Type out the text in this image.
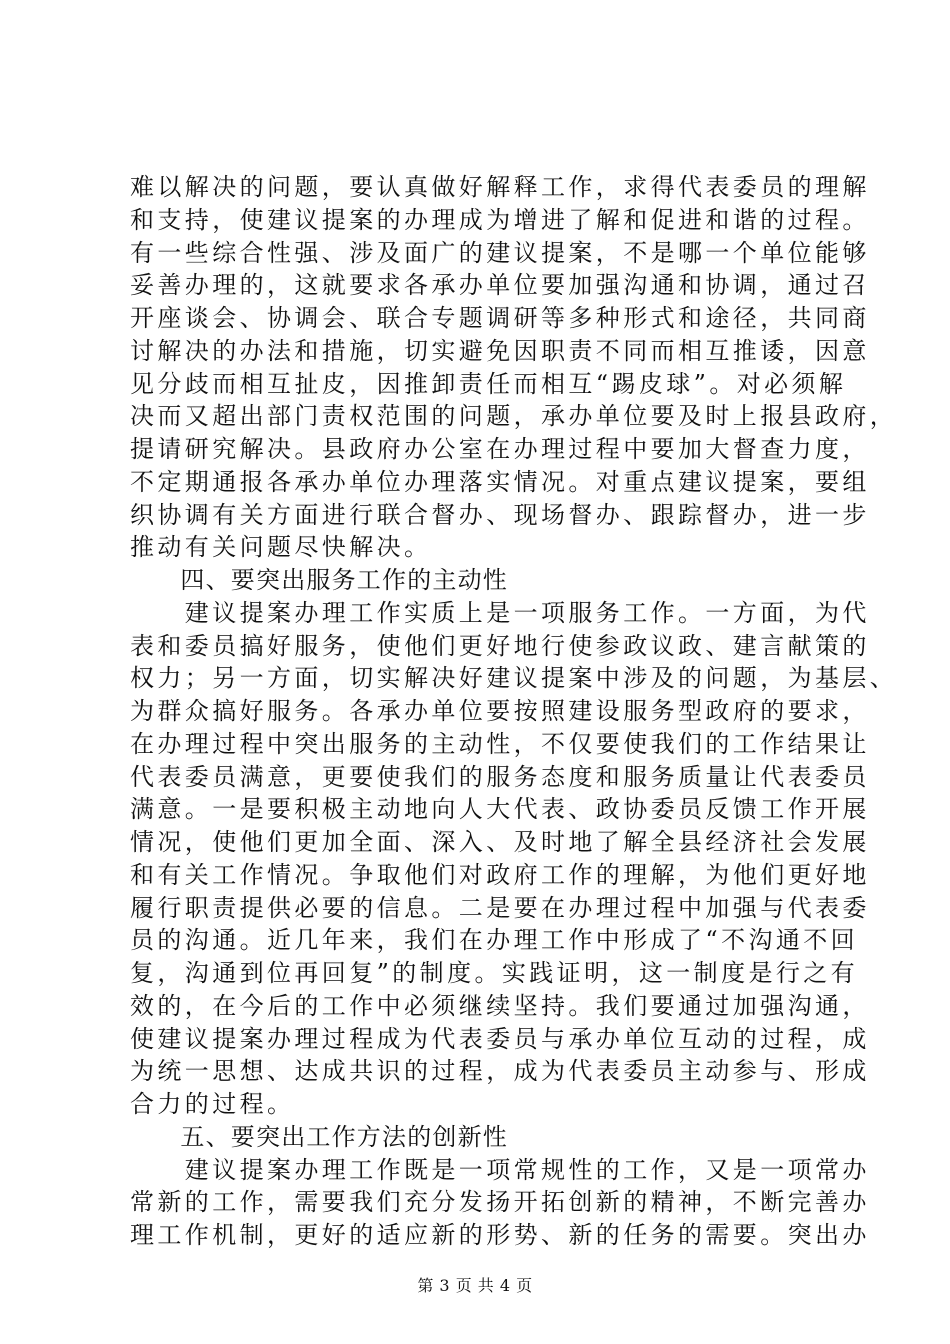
难以解决的问题，要认真做好解释工作，求得代表委员的理解
和支持，使建议提案的办理成为增进了解和促进和谐的过程。
有一些综合性强、涉及面广的建议提案，不是哪一个单位能够
妥善办理的，这就要求各承办单位要加强沟通和协调，通过召
开座谈会、协调会、联合专题调研等多种形式和途径，共同商
讨解决的办法和措施，切实避免因职责不同而相互推诿，因意
见分歧而相互扯皮，因推卸责任而相互“踢皮球”。对必须解
决而又超出部门责权范围的问题，承办单位要及时上报县政府，
提请研究解决。县政府办公室在办理过程中要加大督查力度，
不定期通报各承办单位办理落实情况。对重点建议提案，要组
织协调有关方面进行联合督办、现场督办、跟踪督办，进一步
推动有关问题尽快解决。
　　四、要突出服务工作的主动性
　　建议提案办理工作实质上是一项服务工作。一方面，为代
表和委员搞好服务，使他们更好地行使参政议政、建言献策的
权力；另一方面，切实解决好建议提案中涉及的问题，为基层、
为群众搞好服务。各承办单位要按照建设服务型政府的要求，
在办理过程中突出服务的主动性，不仅要使我们的工作结果让
代表委员满意，更要使我们的服务态度和服务质量让代表委员
满意。一是要积极主动地向人大代表、政协委员反馈工作开展
情况，使他们更加全面、深入、及时地了解全县经济社会发展
和有关工作情况。争取他们对政府工作的理解，为他们更好地
履行职责提供必要的信息。二是要在办理过程中加强与代表委
员的沟通。近几年来，我们在办理工作中形成了“不沟通不回
复，沟通到位再回复”的制度。实践证明，这一制度是行之有
效的，在今后的工作中必须继续坚持。我们要通过加强沟通，
使建议提案办理过程成为代表委员与承办单位互动的过程，成
为统一思想、达成共识的过程，成为代表委员主动参与、形成
合力的过程。
　　五、要突出工作方法的创新性
　　建议提案办理工作既是一项常规性的工作，又是一项常办
常新的工作，需要我们充分发扬开拓创新的精神，不断完善办
理工作机制，更好的适应新的形势、新的任务的需要。突出办
第 3 页 共 4 页
